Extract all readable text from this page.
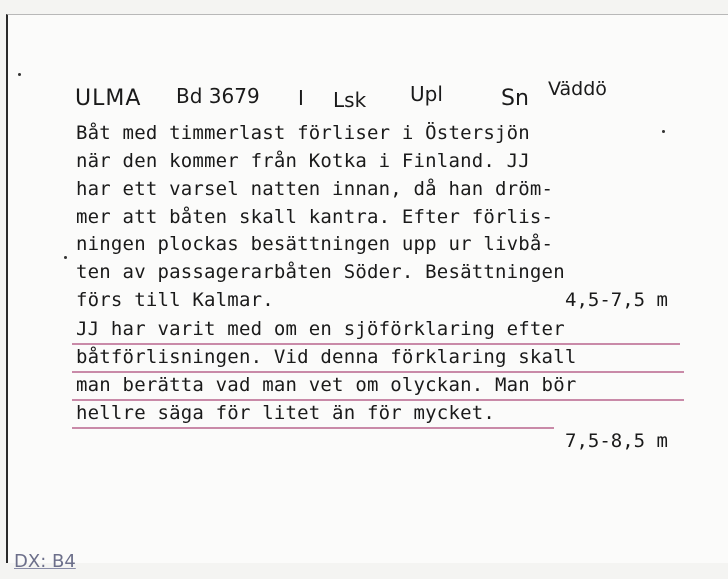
ULMA Bd 3679 I Lsk Upl	Sn Väddö
Båt med timmerlast förliser i Östersjön
när den kommer från Kotka i Finland. JJ
har ett varsel natten innan, då han dröm-
mer att båten skall kantra. Efter förlis-
ningen plockas besättningen upp ur livbå-
ten av passagerarbåten Söder. Besättningen
förs till Kalmar.	4,5-7,5 m
JJ har varit med om en sjöförklaring efter
båtförlisningen. Vid denna förklaring skall
man berätta vad man vet om olyckan. Man bör
hellre säga för litet än för mycket.
7,5-8,5 m
DX: B4
